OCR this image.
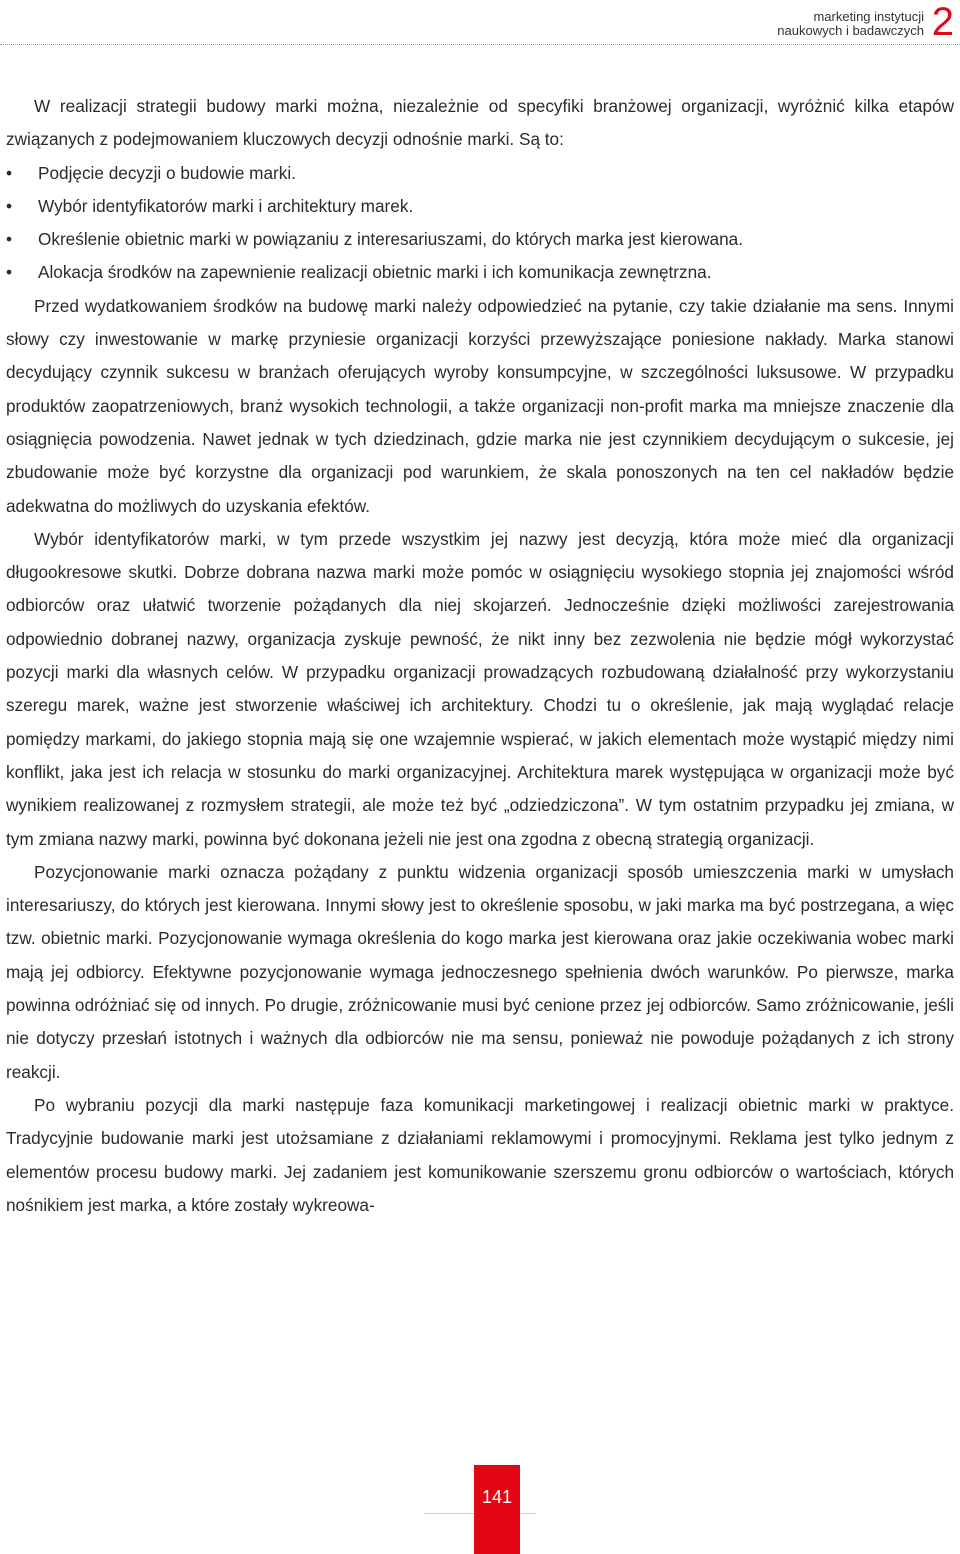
marketing instytucji
naukowych i badawczych 2

W realizacji strategii budowy marki można, niezależnie od specyfiki branżowej organizacji, wyróżnić kilka etapów związanych z podejmowaniem kluczowych decyzji odnośnie marki. Są to:

• Podjęcie decyzji o budowie marki.
• Wybór identyfikatorów marki i architektury marek.
• Określenie obietnic marki w powiązaniu z interesariuszami, do których marka jest kierowana.
• Alokacja środków na zapewnienie realizacji obietnic marki i ich komunikacja zewnętrzna.

Przed wydatkowaniem środków na budowę marki należy odpowiedzieć na pytanie, czy takie działanie ma sens. Innymi słowy czy inwestowanie w markę przyniesie organizacji korzyści przewyższające poniesione nakłady. Marka stanowi decydujący czynnik sukcesu w branżach oferujących wyroby konsumpcyjne, w szczególności luksusowe. W przypadku produktów zaopatrzeniowych, branż wysokich technologii, a także organizacji non-profit marka ma mniejsze znaczenie dla osiągnięcia powodzenia. Nawet jednak w tych dziedzinach, gdzie marka nie jest czynnikiem decydującym o sukcesie, jej zbudowanie może być korzystne dla organizacji pod warunkiem, że skala ponoszonych na ten cel nakładów będzie adekwatna do możliwych do uzyskania efektów.

Wybór identyfikatorów marki, w tym przede wszystkim jej nazwy jest decyzją, która może mieć dla organizacji długookresowe skutki. Dobrze dobrana nazwa marki może pomóc w osiągnięciu wysokiego stopnia jej znajomości wśród odbiorców oraz ułatwić tworzenie pożądanych dla niej skojarzeń. Jednocześnie dzięki możliwości zarejestrowania odpowiednio dobranej nazwy, organizacja zyskuje pewność, że nikt inny bez zezwolenia nie będzie mógł wykorzystać pozycji marki dla własnych celów. W przypadku organizacji prowadzących rozbudowaną działalność przy wykorzystaniu szeregu marek, ważne jest stworzenie właściwej ich architektury. Chodzi tu o określenie, jak mają wyglądać relacje pomiędzy markami, do jakiego stopnia mają się one wzajemnie wspierać, w jakich elementach może wystąpić między nimi konflikt, jaka jest ich relacja w stosunku do marki organizacyjnej. Architektura marek występująca w organizacji może być wynikiem realizowanej z rozmysłem strategii, ale może też być „odziedziczona”. W tym ostatnim przypadku jej zmiana, w tym zmiana nazwy marki, powinna być dokonana jeżeli nie jest ona zgodna z obecną strategią organizacji.

Pozycjonowanie marki oznacza pożądany z punktu widzenia organizacji sposób umieszczenia marki w umysłach interesariuszy, do których jest kierowana. Innymi słowy jest to określenie sposobu, w jaki marka ma być postrzegana, a więc tzw. obietnic marki. Pozycjonowanie wymaga określenia do kogo marka jest kierowana oraz jakie oczekiwania wobec marki mają jej odbiorcy. Efektywne pozycjonowanie wymaga jednoczesnego spełnienia dwóch warunków. Po pierwsze, marka powinna odróżniać się od innych. Po drugie, zróżnicowanie musi być cenione przez jej odbiorców. Samo zróżnicowanie, jeśli nie dotyczy przesłań istotnych i ważnych dla odbiorców nie ma sensu, ponieważ nie powoduje pożądanych z ich strony reakcji.

Po wybraniu pozycji dla marki następuje faza komunikacji marketingowej i realizacji obietnic marki w praktyce. Tradycyjnie budowanie marki jest utożsamiane z działaniami reklamowymi i promocyjnymi. Reklama jest tylko jednym z elementów procesu budowy marki. Jej zadaniem jest komunikowanie szerszemu gronu odbiorców o wartościach, których nośnikiem jest marka, a które zostały wykreowa-

141
